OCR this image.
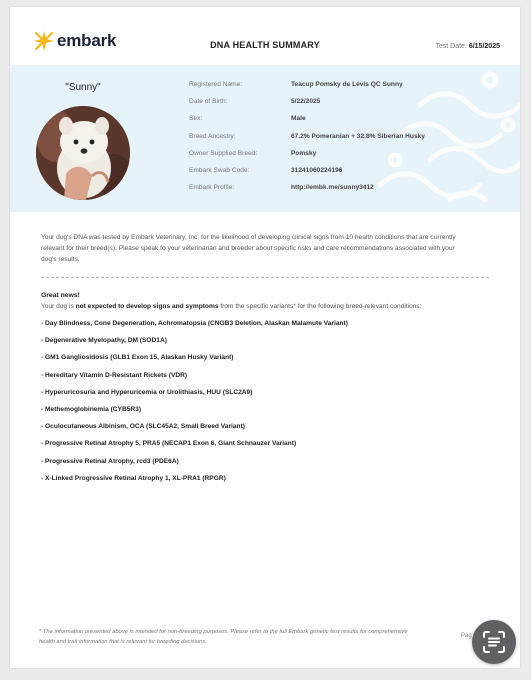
embark	DNA HEALTH SUMMARY	Test Date: 6/15/2025
"Sunny"	Registered Name:	Teacup Pomsky de Lévis QC Sunny
Date of Birth:	5/22/2025
Sex:	Male
Breed Ancestry:	67.2% Pomeranian + 32.8% Siberian Husky
Owner Supplied Breed:	Pomsky
Embark Swab Code:	31241060224196
Embark Profile:	http://embk.me/sunny3412
Your dog's DNA was tested by Embark Veterinary, Inc. for the likelihood of developing clinical signs from 10 health conditions that are currently relevant for their breed(s). Please speak to your veterinarian and breeder about specific risks and care recommendations associated with your dog's results.
Great news!
Your dog is not expected to develop signs and symptoms from the specific variants* for the following breed-relevant conditions:
- Day Blindness, Cone Degeneration, Achromatopsia (CNGB3 Deletion, Alaskan Malamute Variant)
- Degenerative Myelopathy, DM (SOD1A)
- GM1 Gangliosidosis (GLB1 Exon 15, Alaskan Husky Variant)
- Hereditary Vitamin D-Resistant Rickets (VDR)
- Hyperuricosuria and Hyperuricemia or Urolithiasis, HUU (SLC2A9)
- Methemoglobinemia (CYB5R3)
- Oculocutaneous Albinism, OCA (SLC45A2, Small Breed Variant)
- Progressive Retinal Atrophy 5, PRA5 (NECAP1 Exon 6, Giant Schnauzer Variant)
- Progressive Retinal Atrophy, rcd3 (PDE6A)
- X-Linked Progressive Retinal Atrophy 1, XL-PRA1 (RPGR)
* The information presented above is intended for non-breeding purposes. Please refer to the full Embark genetic test results for comprehensive health and trait information that is relevant for breeding decisions.
Pag
